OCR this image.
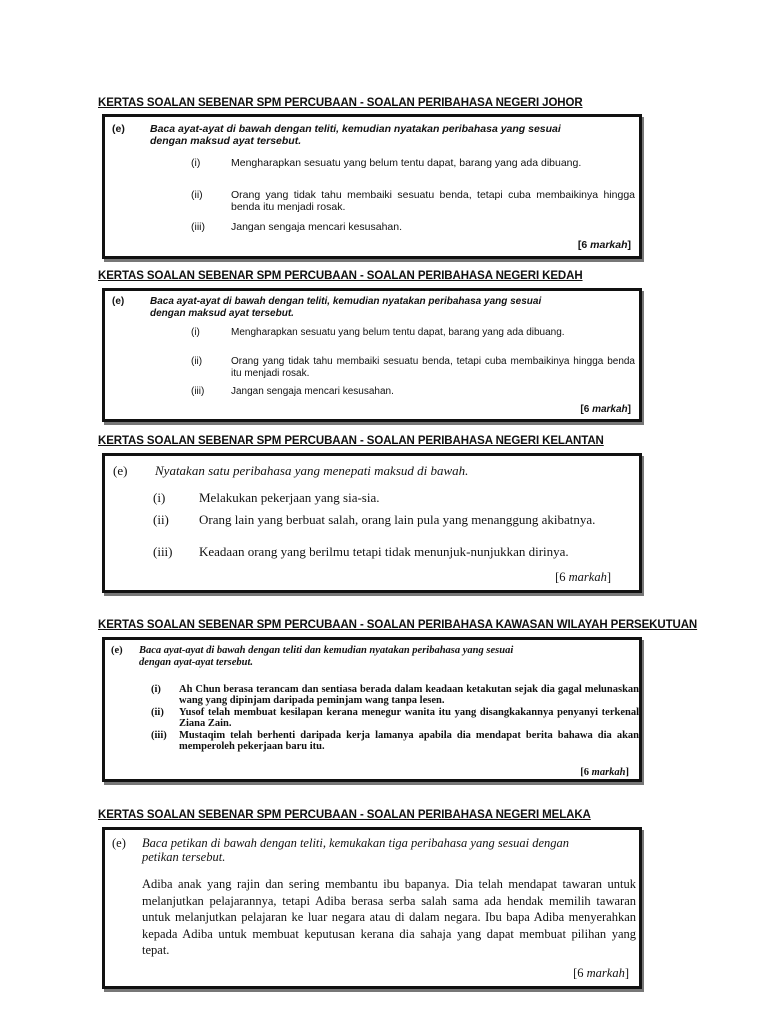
KERTAS SOALAN SEBENAR SPM PERCUBAAN - SOALAN PERIBAHASA NEGERI JOHOR
(e) Baca ayat-ayat di bawah dengan teliti, kemudian nyatakan peribahasa yang sesuai
dengan maksud ayat tersebut.
(i)	Mengharapkan sesuatu yang belum tentu dapat, barang yang ada dibuang.
(ii)	Orang yang tidak tahu membaiki sesuatu benda, tetapi cuba membaikinya hingga benda itu menjadi rosak.
(iii) Jangan sengaja mencari kesusahan.
[6 markah]
KERTAS SOALAN SEBENAR SPM PERCUBAAN - SOALAN PERIBAHASA NEGERI KEDAH
(e)	Baca ayat-ayat di bawah dengan teliti, kemudian nyatakan peribahasa yang sesuai
dengan maksud ayat tersebut.
(i)	Mengharapkan sesuatu yang belum tentu dapat, barang yang ada dibuang.
(ii)	Orang yang tidak tahu membaiki sesuatu benda, tetapi cuba membaikinya hingga benda itu menjadi rosak.
(iii)	Jangan sengaja mencari kesusahan.
[6 markah]
KERTAS SOALAN SEBENAR SPM PERCUBAAN - SOALAN PERIBAHASA NEGERI KELANTAN
(e) Nyatakan satu peribahasa yang menepati maksud di bawah.
(i)	Melakukan pekerjaan yang sia-sia.
(ii) Orang lain yang berbuat salah, orang lain pula yang menanggung akibatnya.
(iii) Keadaan orang yang berilmu tetapi tidak menunjuk-nunjukkan dirinya.
[6 markah]
KERTAS SOALAN SEBENAR SPM PERCUBAAN - SOALAN PERIBAHASA KAWASAN WILAYAH PERSEKUTUAN
(e) Baca ayat-ayat di bawah dengan teliti dan kemudian nyatakan peribahasa yang sesuai
dengan ayat-ayat tersebut.
(i) Ah Chun berasa terancam dan sentiasa berada dalam keadaan ketakutan sejak dia gagal melunaskan wang yang dipinjam daripada peminjam wang tanpa lesen.
(ii) Yusof telah membuat kesilapan kerana menegur wanita itu yang disangkakannya penyanyi terkenal Ziana Zain.
(iii) Mustaqim telah berhenti daripada kerja lamanya apabila dia mendapat berita bahawa dia akan memperoleh pekerjaan baru itu.
[6 markah]
KERTAS SOALAN SEBENAR SPM PERCUBAAN - SOALAN PERIBAHASA NEGERI MELAKA
(e) Baca petikan di bawah dengan teliti, kemukakan tiga peribahasa yang sesuai dengan
petikan tersebut.
Adiba anak yang rajin dan sering membantu ibu bapanya. Dia telah mendapat tawaran untuk melanjutkan pelajarannya, tetapi Adiba berasa serba salah sama ada hendak memilih tawaran untuk melanjutkan pelajaran ke luar negara atau di dalam negara. Ibu bapa Adiba menyerahkan kepada Adiba untuk membuat keputusan kerana dia sahaja yang dapat membuat pilihan yang tepat.
[6 markah]
